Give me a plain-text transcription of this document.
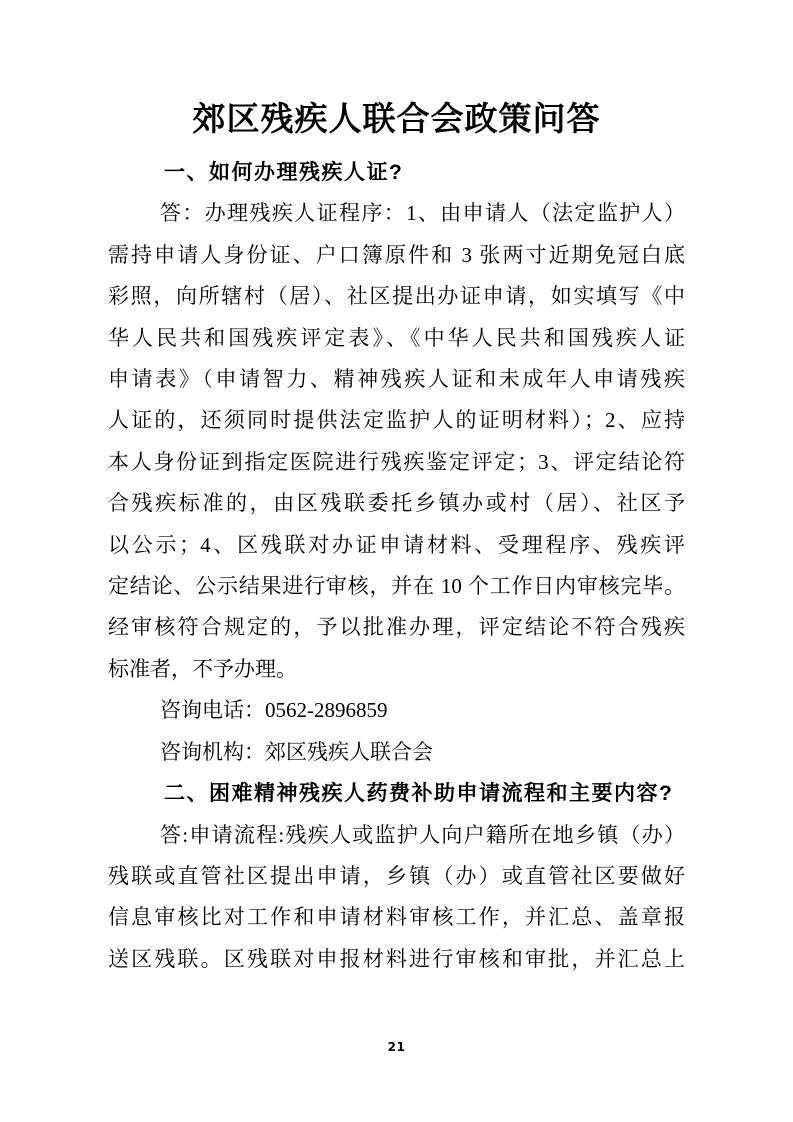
郊区残疾人联合会政策问答
一、如何办理残疾人证?
答：办理残疾人证程序：1、由申请人（法定监护人）
需持申请人身份证、户口簿原件和 3 张两寸近期免冠白底
彩照，向所辖村（居）、社区提出办证申请，如实填写《中
华人民共和国残疾评定表》、《中华人民共和国残疾人证
申请表》（申请智力、精神残疾人证和未成年人申请残疾
人证的，还须同时提供法定监护人的证明材料）；2、应持
本人身份证到指定医院进行残疾鉴定评定；3、评定结论符
合残疾标准的，由区残联委托乡镇办或村（居）、社区予
以公示；4、区残联对办证申请材料、受理程序、残疾评
定结论、公示结果进行审核，并在 10 个工作日内审核完毕。
经审核符合规定的，予以批准办理，评定结论不符合残疾
标准者，不予办理。
咨询电话：0562-2896859
咨询机构：郊区残疾人联合会
二、困难精神残疾人药费补助申请流程和主要内容?
答:申请流程:残疾人或监护人向户籍所在地乡镇（办）
残联或直管社区提出申请，乡镇（办）或直管社区要做好
信息审核比对工作和申请材料审核工作，并汇总、盖章报
送区残联。区残联对申报材料进行审核和审批，并汇总上
21
